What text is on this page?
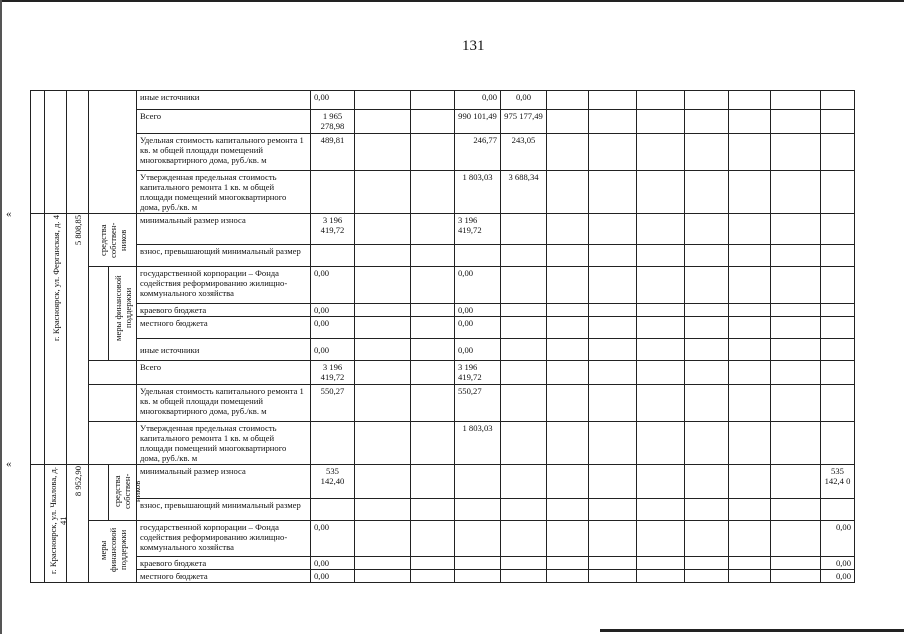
131
«
«
					иные источники	0,00			0,00	0,00							
					Всего	1 965 278,98			990 101,49	975 177,49							
					Удельная стоимость капитального ремонта 1 кв. м общей площади помещений многоквартирного дома, руб./кв. м	489,81			246,77	243,05							
					Утвержденная предельная стоимость капитального ремонта 1 кв. м общей площади помещений многоквартирного дома, руб./кв. м				1 803,03	3 688,34							

	г. Красноярск, ул. Ферганская, д. 4	5 808,85	средства собствен-ников		минимальный размер износа	3 196 419,72			3 196 419,72								
					взнос, превышающий минимальный размер												

				меры финансовой поддержки	государственной корпорации – Фонда содействия реформированию жилищно-коммунального хозяйства	0,00			0,00								
					краевого бюджета	0,00			0,00								
					местного бюджета	0,00			0,00								
					иные источники	0,00			0,00								
					Всего	3 196 419,72			3 196 419,72								
					Удельная стоимость капитального ремонта 1 кв. м общей площади помещений многоквартирного дома, руб./кв. м	550,27			550,27								
					Утвержденная предельная стоимость капитального ремонта 1 кв. м общей площади помещений многоквартирного дома, руб./кв. м				1 803,03								

	г. Красноярск, ул. Чкалова, д. 41	8 952,90		средства собствен-ников	минимальный размер износа	535 142,40											535 142,4 0
					взнос, превышающий минимальный размер												

			меры финансовой поддержки		государственной корпорации – Фонда содействия реформированию жилищно-коммунального хозяйства	0,00											0,00
					краевого бюджета	0,00											0,00
					местного бюджета	0,00											0,00
